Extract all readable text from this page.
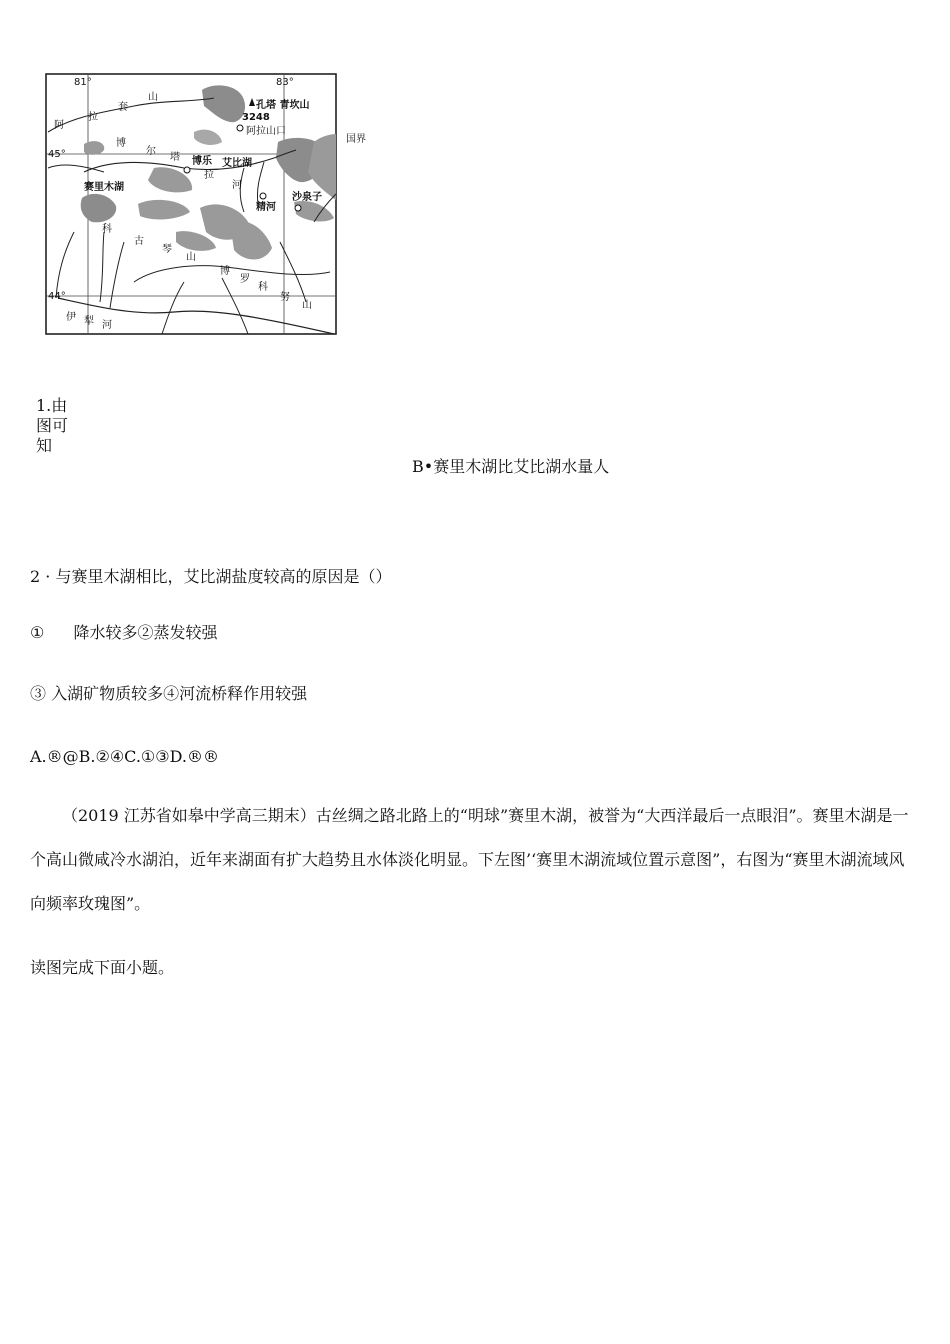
81°	83°
45°
44°
阿
拉
套
山
孔塔 青坎山
3248
阿拉山口
博
尔
塔 博乐
拉
河
艾比湖
赛里木湖
精河
沙泉子
科
古
琴
山
博
罗
科
努
山
伊 犁 河
国界
1.由图可知
B•赛里木湖比艾比湖水量人
2 · 与赛里木湖相比，艾比湖盐度较高的原因是（）
① 降水较多②蒸发较强
③ 入湖矿物质较多④河流桥释作用较强
A.®@B.②④C.①③D.®®
（2019 江苏省如皋中学高三期末）古丝绸之路北路上的“明球”赛里木湖，被誉为“大西洋最后一点眼泪”。赛里木湖是一个高山微咸冷水湖泊，近年来湖面有扩大趋势且水体淡化明显。下左图’‘赛里木湖流域位置示意图”，右图为“赛里木湖流域风向频率玫瑰图”。
读图完成下面小题。
